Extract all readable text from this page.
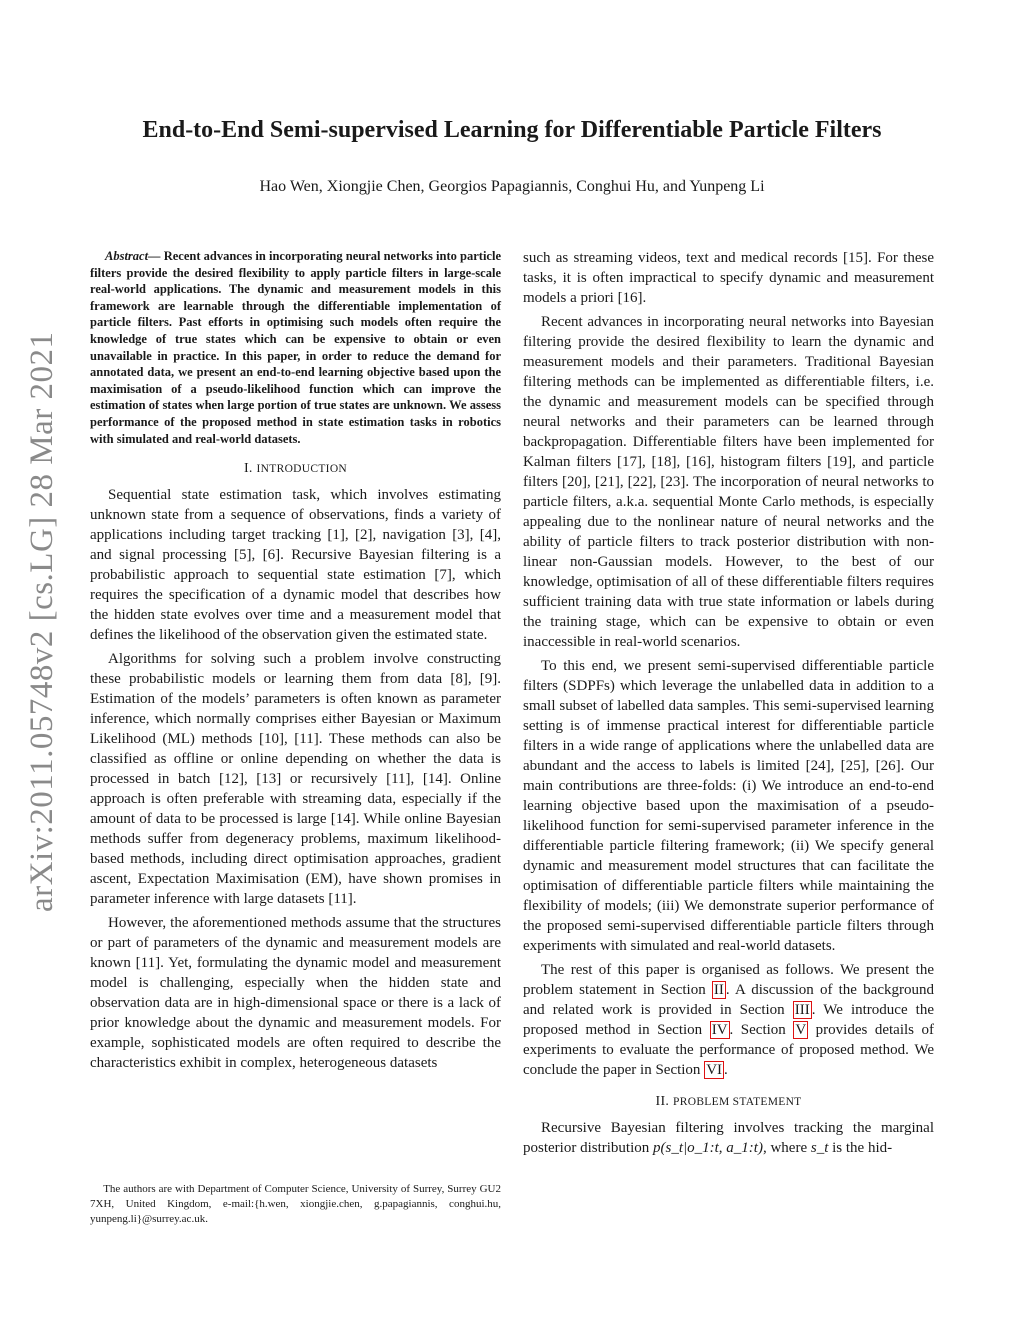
arXiv:2011.05748v2 [cs.LG] 28 Mar 2021
End-to-End Semi-supervised Learning for Differentiable Particle Filters
Hao Wen, Xiongjie Chen, Georgios Papagiannis, Conghui Hu, and Yunpeng Li

Abstract— Recent advances in incorporating neural networks into particle filters provide the desired flexibility to apply particle filters in large-scale real-world applications. The dynamic and measurement models in this framework are learnable through the differentiable implementation of particle filters. Past efforts in optimising such models often require the knowledge of true states which can be expensive to obtain or even unavailable in practice. In this paper, in order to reduce the demand for annotated data, we present an end-to-end learning objective based upon the maximisation of a pseudo-likelihood function which can improve the estimation of states when large portion of true states are unknown. We assess performance of the proposed method in state estimation tasks in robotics with simulated and real-world datasets.

I. INTRODUCTION

Sequential state estimation task, which involves estimating unknown state from a sequence of observations, finds a variety of applications including target tracking [1], [2], navigation [3], [4], and signal processing [5], [6]. Recursive Bayesian filtering is a probabilistic approach to sequential state estimation [7], which requires the specification of a dynamic model that describes how the hidden state evolves over time and a measurement model that defines the likelihood of the observation given the estimated state.

Algorithms for solving such a problem involve constructing these probabilistic models or learning them from data [8], [9]. Estimation of the models’ parameters is often known as parameter inference, which normally comprises either Bayesian or Maximum Likelihood (ML) methods [10], [11]. These methods can also be classified as offline or online depending on whether the data is processed in batch [12], [13] or recursively [11], [14]. Online approach is often preferable with streaming data, especially if the amount of data to be processed is large [14]. While online Bayesian methods suffer from degeneracy problems, maximum likelihood-based methods, including direct optimisation approaches, gradient ascent, Expectation Maximisation (EM), have shown promises in parameter inference with large datasets [11].

However, the aforementioned methods assume that the structures or part of parameters of the dynamic and measurement models are known [11]. Yet, formulating the dynamic model and measurement model is challenging, especially when the hidden state and observation data are in high-dimensional space or there is a lack of prior knowledge about the dynamic and measurement models. For example, sophisticated models are often required to describe the characteristics exhibit in complex, heterogeneous datasets

such as streaming videos, text and medical records [15]. For these tasks, it is often impractical to specify dynamic and measurement models a priori [16].

Recent advances in incorporating neural networks into Bayesian filtering provide the desired flexibility to learn the dynamic and measurement models and their parameters. Traditional Bayesian filtering methods can be implemented as differentiable filters, i.e. the dynamic and measurement models can be specified through neural networks and their parameters can be learned through backpropagation. Differentiable filters have been implemented for Kalman filters [17], [18], [16], histogram filters [19], and particle filters [20], [21], [22], [23]. The incorporation of neural networks to particle filters, a.k.a. sequential Monte Carlo methods, is especially appealing due to the nonlinear nature of neural networks and the ability of particle filters to track posterior distribution with non-linear non-Gaussian models. However, to the best of our knowledge, optimisation of all of these differentiable filters requires sufficient training data with true state information or labels during the training stage, which can be expensive to obtain or even inaccessible in real-world scenarios.

To this end, we present semi-supervised differentiable particle filters (SDPFs) which leverage the unlabelled data in addition to a small subset of labelled data samples. This semi-supervised learning setting is of immense practical interest for differentiable particle filters in a wide range of applications where the unlabelled data are abundant and the access to labels is limited [24], [25], [26]. Our main contributions are three-folds: (i) We introduce an end-to-end learning objective based upon the maximisation of a pseudo-likelihood function for semi-supervised parameter inference in the differentiable particle filtering framework; (ii) We specify general dynamic and measurement model structures that can facilitate the optimisation of differentiable particle filters while maintaining the flexibility of models; (iii) We demonstrate superior performance of the proposed semi-supervised differentiable particle filters through experiments with simulated and real-world datasets.

The rest of this paper is organised as follows. We present the problem statement in Section II . A discussion of the background and related work is provided in Section III . We introduce the proposed method in Section IV . Section V provides details of experiments to evaluate the performance of proposed method. We conclude the paper in Section VI .

II. PROBLEM STATEMENT

Recursive Bayesian filtering involves tracking the marginal posterior distribution p(s_t|o_1:t, a_1:t), where s_t is the hid-

The authors are with Department of Computer Science, University of Surrey, Surrey GU2 7XH, United Kingdom, e-mail:{h.wen, xiongjie.chen, g.papagiannis, conghui.hu, yunpeng.li}@surrey.ac.uk.
